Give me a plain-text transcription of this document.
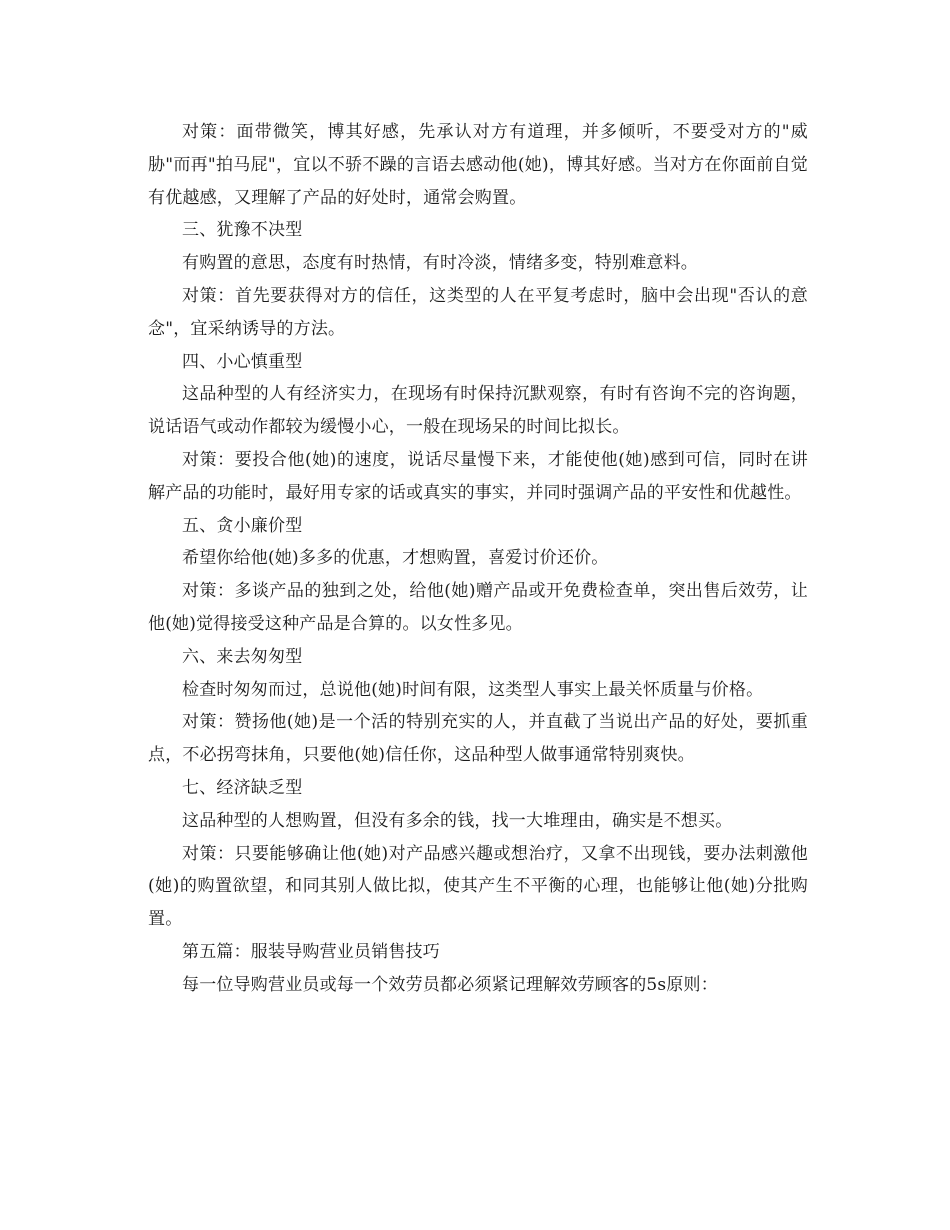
对策：面带微笑，博其好感，先承认对方有道理，并多倾听，不要受对方的"威胁"而再"拍马屁"，宜以不骄不躁的言语去感动他(她)，博其好感。当对方在你面前自觉有优越感，又理解了产品的好处时，通常会购置。

三、犹豫不决型

有购置的意思，态度有时热情，有时冷淡，情绪多变，特别难意料。

对策：首先要获得对方的信任，这类型的人在平复考虑时，脑中会出现"否认的意念"，宜采纳诱导的方法。

四、小心慎重型

这品种型的人有经济实力，在现场有时保持沉默观察，有时有咨询不完的咨询题，说话语气或动作都较为缓慢小心，一般在现场呆的时间比拟长。

对策：要投合他(她)的速度，说话尽量慢下来，才能使他(她)感到可信，同时在讲解产品的功能时，最好用专家的话或真实的事实，并同时强调产品的平安性和优越性。

五、贪小廉价型

希望你给他(她)多多的优惠，才想购置，喜爱讨价还价。

对策：多谈产品的独到之处，给他(她)赠产品或开免费检查单，突出售后效劳，让他(她)觉得接受这种产品是合算的。以女性多见。

六、来去匆匆型

检查时匆匆而过，总说他(她)时间有限，这类型人事实上最关怀质量与价格。

对策：赞扬他(她)是一个活的特别充实的人，并直截了当说出产品的好处，要抓重点，不必拐弯抹角，只要他(她)信任你，这品种型人做事通常特别爽快。

七、经济缺乏型

这品种型的人想购置，但没有多余的钱，找一大堆理由，确实是不想买。

对策：只要能够确让他(她)对产品感兴趣或想治疗，又拿不出现钱，要办法刺激他(她)的购置欲望，和同其别人做比拟，使其产生不平衡的心理，也能够让他(她)分批购置。

第五篇：服装导购营业员销售技巧

每一位导购营业员或每一个效劳员都必须紧记理解效劳顾客的5s原则：
